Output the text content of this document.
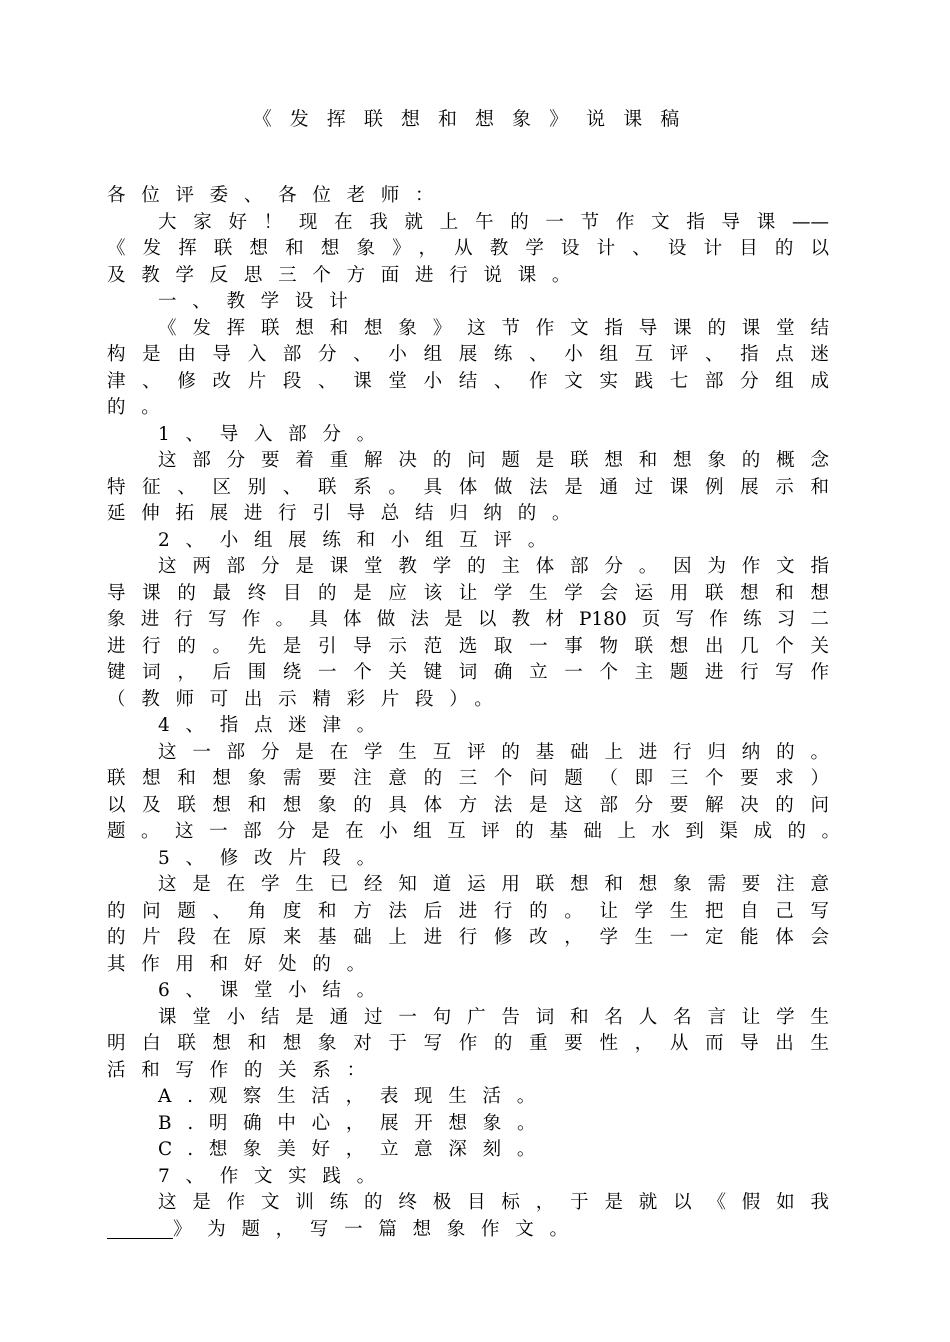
《发挥联想和想象》说课稿
各位评委、各位老师：
大家好！现在我就上午的一节作文指导课——
《发挥联想和想象》，从教学设计、设计目的以
及教学反思三个方面进行说课。
一、教学设计
《发挥联想和想象》这节作文指导课的课堂结
构是由导入部分、小组展练、小组互评、指点迷
津、修改片段、课堂小结、作文实践七部分组成
的。
1、导入部分。
这部分要着重解决的问题是联想和想象的概念
特征、区别、联系。具体做法是通过课例展示和
延伸拓展进行引导总结归纳的。
2、小组展练和小组互评。
这两部分是课堂教学的主体部分。因为作文指
导课的最终目的是应该让学生学会运用联想和想
象进行写作。具体做法是以教材P180页写作练习二
进行的。先是引导示范选取一事物联想出几个关
键词，后围绕一个关键词确立一个主题进行写作
（教师可出示精彩片段）。
4、指点迷津。
这一部分是在学生互评的基础上进行归纳的。
联想和想象需要注意的三个问题（即三个要求）
以及联想和想象的具体方法是这部分要解决的问
题。这一部分是在小组互评的基础上水到渠成的。
5、修改片段。
这是在学生已经知道运用联想和想象需要注意
的问题、角度和方法后进行的。让学生把自己写
的片段在原来基础上进行修改，学生一定能体会
其作用和好处的。
6、课堂小结。
课堂小结是通过一句广告词和名人名言让学生
明白联想和想象对于写作的重要性，从而导出生
活和写作的关系：
A.观察生活，表现生活。
B.明确中心，展开想象。
C.想象美好，立意深刻。
7、作文实践。
这是作文训练的终极目标，于是就以《假如我
》为题，写一篇想象作文。
